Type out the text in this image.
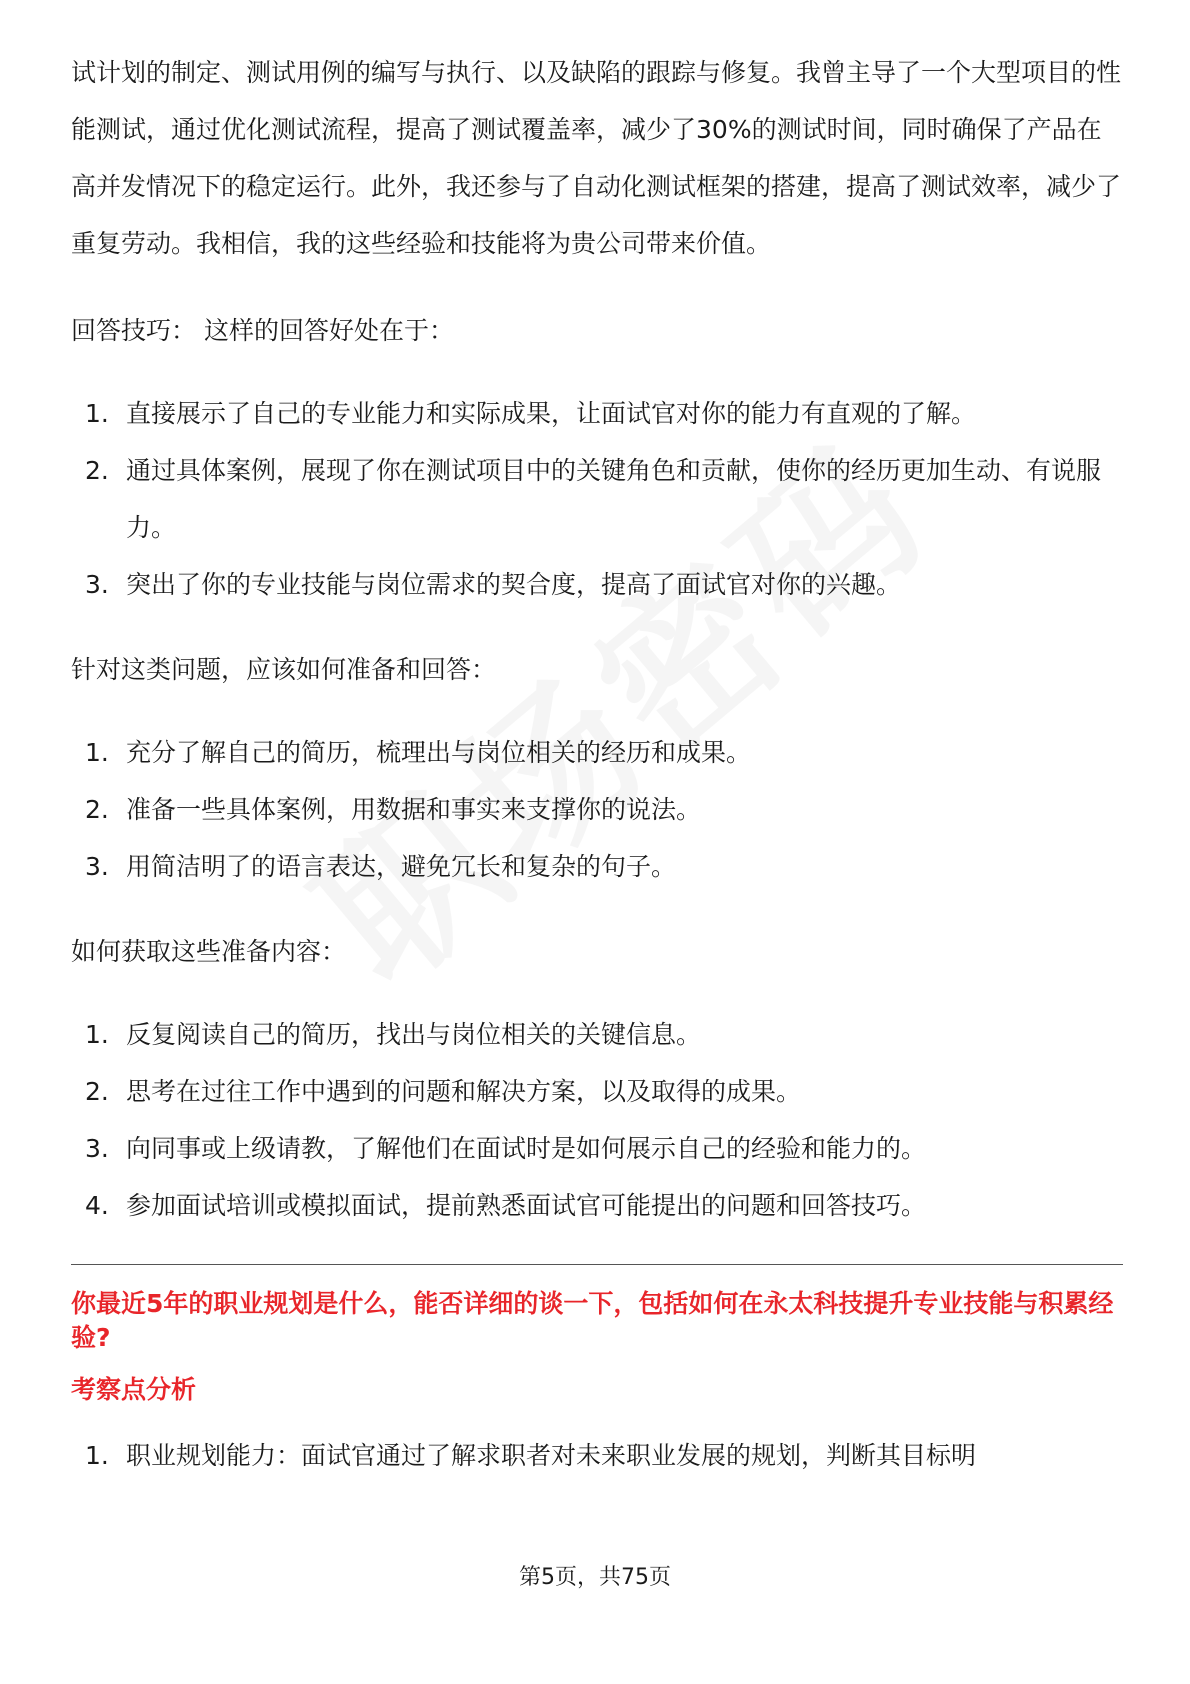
试计划的制定、测试用例的编写与执行、以及缺陷的跟踪与修复。我曾主导了一个大型项目的性能测试，通过优化测试流程，提高了测试覆盖率，减少了30%的测试时间，同时确保了产品在高并发情况下的稳定运行。此外，我还参与了自动化测试框架的搭建，提高了测试效率，减少了重复劳动。我相信，我的这些经验和技能将为贵公司带来价值。

回答技巧： 这样的回答好处在于：

1. 直接展示了自己的专业能力和实际成果，让面试官对你的能力有直观的了解。
2. 通过具体案例，展现了你在测试项目中的关键角色和贡献，使你的经历更加生动、有说服力。
3. 突出了你的专业技能与岗位需求的契合度，提高了面试官对你的兴趣。

针对这类问题，应该如何准备和回答：

1. 充分了解自己的简历，梳理出与岗位相关的经历和成果。
2. 准备一些具体案例，用数据和事实来支撑你的说法。
3. 用简洁明了的语言表达，避免冗长和复杂的句子。

如何获取这些准备内容：

1. 反复阅读自己的简历，找出与岗位相关的关键信息。
2. 思考在过往工作中遇到的问题和解决方案，以及取得的成果。
3. 向同事或上级请教，了解他们在面试时是如何展示自己的经验和能力的。
4. 参加面试培训或模拟面试，提前熟悉面试官可能提出的问题和回答技巧。

你最近5年的职业规划是什么，能否详细的谈一下，包括如何在永太科技提升专业技能与积累经验?

考察点分析

1. 职业规划能力：面试官通过了解求职者对未来职业发展的规划，判断其目标明
第5页，共75页
